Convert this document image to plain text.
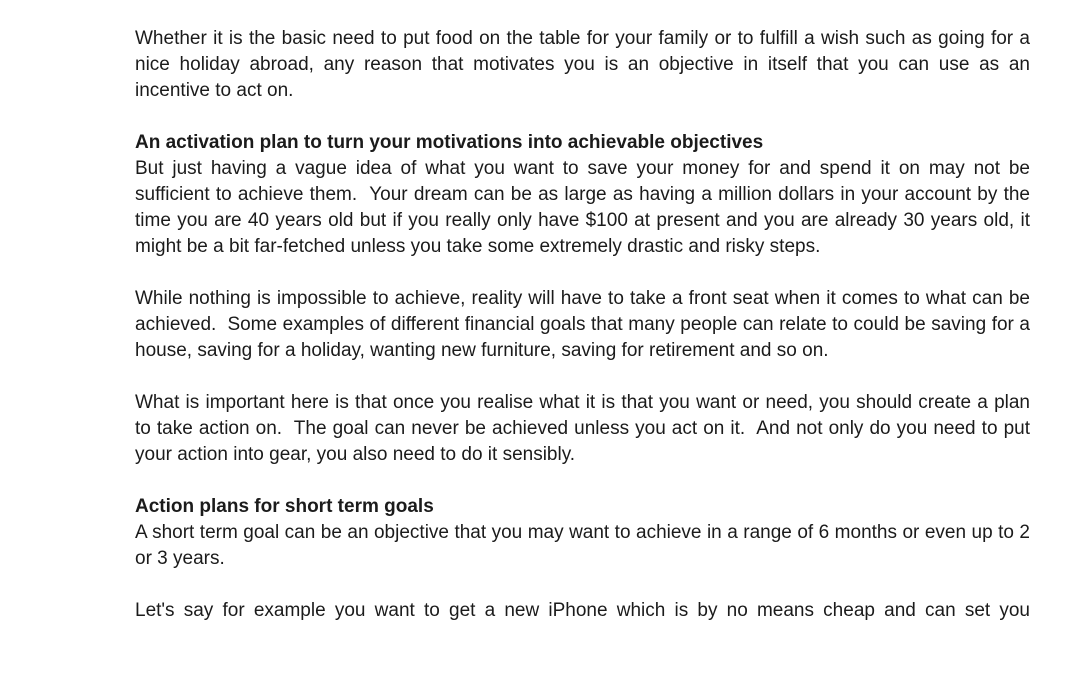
Whether it is the basic need to put food on the table for your family or to fulfill a wish such as going for a nice holiday abroad, any reason that motivates you is an objective in itself that you can use as an incentive to act on.

An activation plan to turn your motivations into achievable objectives

But just having a vague idea of what you want to save your money for and spend it on may not be sufficient to achieve them.  Your dream can be as large as having a million dollars in your account by the time you are 40 years old but if you really only have $100 at present and you are already 30 years old, it might be a bit far-fetched unless you take some extremely drastic and risky steps.

While nothing is impossible to achieve, reality will have to take a front seat when it comes to what can be achieved.  Some examples of different financial goals that many people can relate to could be saving for a house, saving for a holiday, wanting new furniture, saving for retirement and so on.

What is important here is that once you realise what it is that you want or need, you should create a plan to take action on.  The goal can never be achieved unless you act on it.  And not only do you need to put your action into gear, you also need to do it sensibly.

Action plans for short term goals

A short term goal can be an objective that you may want to achieve in a range of 6 months or even up to 2 or 3 years.

Let's say for example you want to get a new iPhone which is by no means cheap and can set you
